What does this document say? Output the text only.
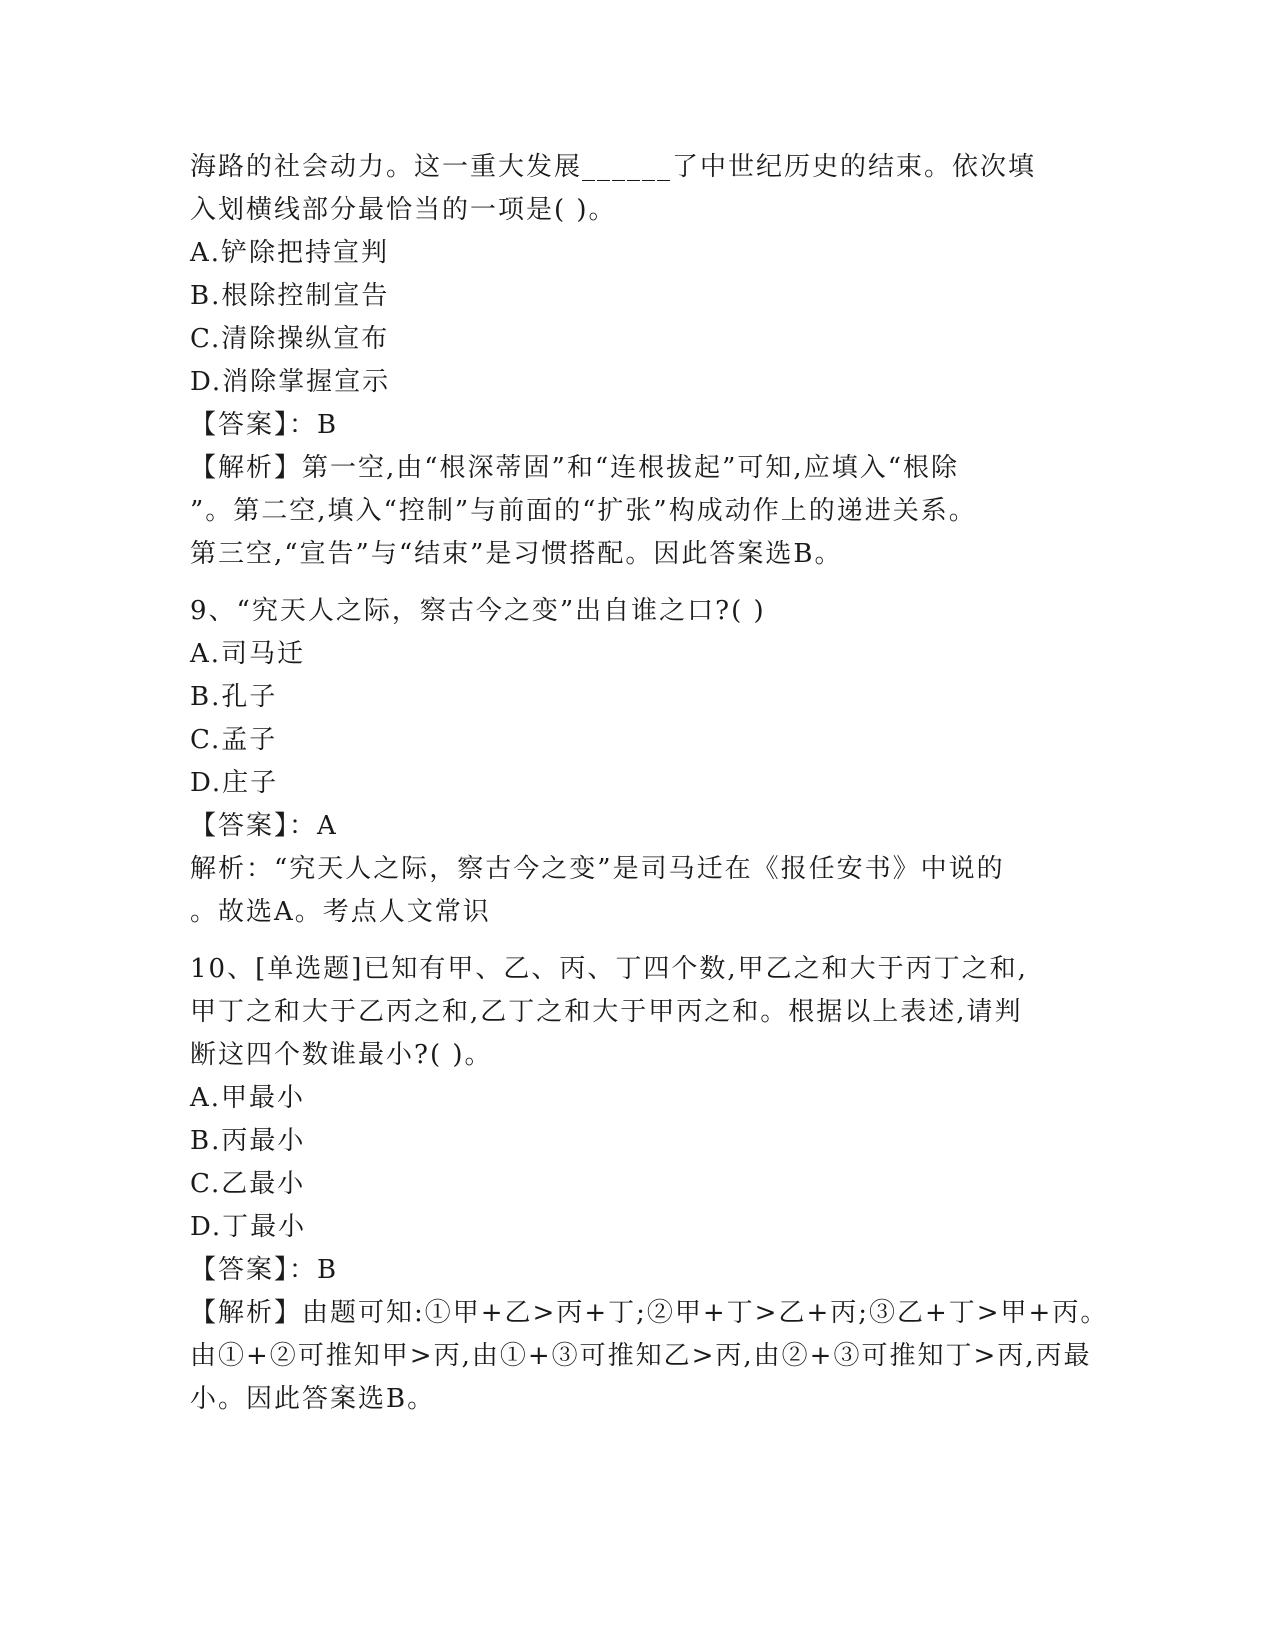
海路的社会动力。这一重大发展______了中世纪历史的结束。依次填
入划横线部分最恰当的一项是( )。
A.铲除把持宣判
B.根除控制宣告
C.清除操纵宣布
D.消除掌握宣示
【答案】：B
【解析】第一空,由“根深蒂固”和“连根拔起”可知,应填入“根除
”。第二空,填入“控制”与前面的“扩张”构成动作上的递进关系。
第三空,“宣告”与“结束”是习惯搭配。因此答案选B。
9、“究天人之际，察古今之变”出自谁之口?( )
A.司马迁
B.孔子
C.孟子
D.庄子
【答案】：A
解析：“究天人之际，察古今之变”是司马迁在《报任安书》中说的
。故选A。考点人文常识
10、[单选题]已知有甲、乙、丙、丁四个数,甲乙之和大于丙丁之和,
甲丁之和大于乙丙之和,乙丁之和大于甲丙之和。根据以上表述,请判
断这四个数谁最小?( )。
A.甲最小
B.丙最小
C.乙最小
D.丁最小
【答案】：B
【解析】由题可知:①甲+乙>丙+丁;②甲+丁>乙+丙;③乙+丁>甲+丙。
由①+②可推知甲>丙,由①+③可推知乙>丙,由②+③可推知丁>丙,丙最
小。因此答案选B。
